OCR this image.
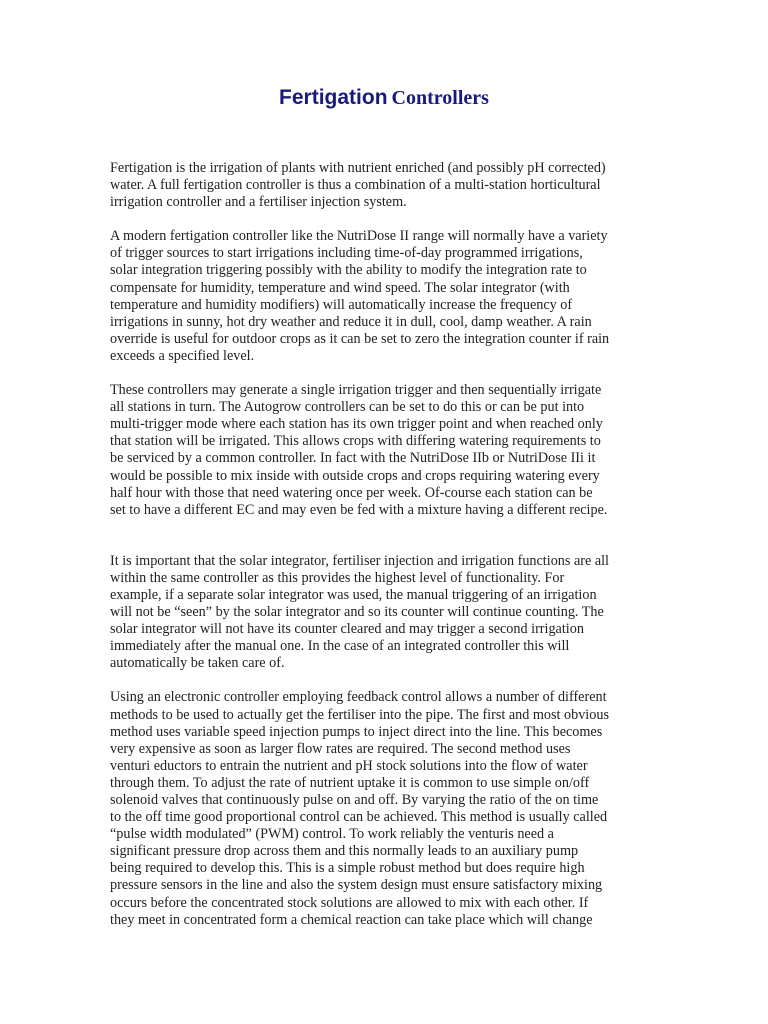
Fertigation Controllers
Fertigation is the irrigation of plants with nutrient enriched (and possibly pH corrected)
water. A full fertigation controller is thus a combination of a multi-station horticultural
irrigation controller and a fertiliser injection system.
A modern fertigation controller like the NutriDose II range will normally have a variety
of trigger sources to start irrigations including time-of-day programmed irrigations,
solar integration triggering possibly with the ability to modify the integration rate to
compensate for humidity, temperature and wind speed. The solar integrator (with
temperature and humidity modifiers) will automatically increase the frequency of
irrigations in sunny, hot dry weather and reduce it in dull, cool, damp weather. A rain
override is useful for outdoor crops as it can be set to zero the integration counter if rain
exceeds a specified level.
These controllers may generate a single irrigation trigger and then sequentially irrigate
all stations in turn. The Autogrow controllers can be set to do this or can be put into
multi-trigger mode where each station has its own trigger point and when reached only
that station will be irrigated. This allows crops with differing watering requirements to
be serviced by a common controller. In fact with the NutriDose IIb or NutriDose IIi it
would be possible to mix inside with outside crops and crops requiring watering every
half hour with those that need watering once per week. Of-course each station can be
set to have a different EC and may even be fed with a mixture having a different recipe.
It is important that the solar integrator, fertiliser injection and irrigation functions are all
within the same controller as this provides the highest level of functionality. For
example, if a separate solar integrator was used, the manual triggering of an irrigation
will not be “seen” by the solar integrator and so its counter will continue counting. The
solar integrator will not have its counter cleared and may trigger a second irrigation
immediately after the manual one. In the case of an integrated controller this will
automatically be taken care of.
Using an electronic controller employing feedback control allows a number of different
methods to be used to actually get the fertiliser into the pipe. The first and most obvious
method uses variable speed injection pumps to inject direct into the line. This becomes
very expensive as soon as larger flow rates are required. The second method uses
venturi eductors to entrain the nutrient and pH stock solutions into the flow of water
through them. To adjust the rate of nutrient uptake it is common to use simple on/off
solenoid valves that continuously pulse on and off. By varying the ratio of the on time
to the off time good proportional control can be achieved. This method is usually called
“pulse width modulated” (PWM) control. To work reliably the venturis need a
significant pressure drop across them and this normally leads to an auxiliary pump
being required to develop this. This is a simple robust method but does require high
pressure sensors in the line and also the system design must ensure satisfactory mixing
occurs before the concentrated stock solutions are allowed to mix with each other. If
they meet in concentrated form a chemical reaction can take place which will change
